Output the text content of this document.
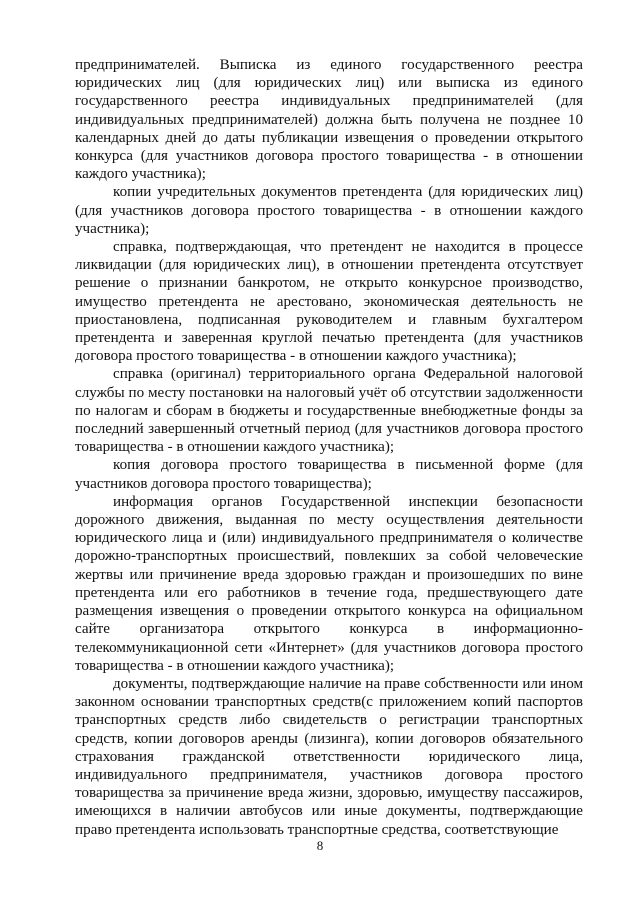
предпринимателей. Выписка из единого государственного реестра юридических лиц (для юридических лиц) или выписка из единого государственного реестра индивидуальных предпринимателей (для индивидуальных предпринимателей) должна быть получена не позднее 10 календарных дней до даты публикации извещения о проведении открытого конкурса (для участников договора простого товарищества - в отношении каждого участника);

копии учредительных документов претендента (для юридических лиц) (для участников договора простого товарищества - в отношении каждого участника);

справка, подтверждающая, что претендент не находится в процессе ликвидации (для юридических лиц), в отношении претендента отсутствует решение о признании банкротом, не открыто конкурсное производство, имущество претендента не арестовано, экономическая деятельность не приостановлена, подписанная руководителем и главным бухгалтером претендента и заверенная круглой печатью претендента (для участников договора простого товарищества - в отношении каждого участника);

справка (оригинал) территориального органа Федеральной налоговой службы по месту постановки на налоговый учёт об отсутствии задолженности по налогам и сборам в бюджеты и государственные внебюджетные фонды за последний завершенный отчетный период (для участников договора простого товарищества - в отношении каждого участника);

копия договора простого товарищества в письменной форме (для участников договора простого товарищества);

информация органов Государственной инспекции безопасности дорожного движения, выданная по месту осуществления деятельности юридического лица и (или) индивидуального предпринимателя о количестве дорожно-транспортных происшествий, повлекших за собой человеческие жертвы или причинение вреда здоровью граждан и произошедших по вине претендента или его работников в течение года, предшествующего дате размещения извещения о проведении открытого конкурса на официальном сайте организатора открытого конкурса в информационно-телекоммуникационной сети «Интернет» (для участников договора простого товарищества - в отношении каждого участника);

документы, подтверждающие наличие на праве собственности или ином законном основании транспортных средств(с приложением копий паспортов транспортных средств либо свидетельств о регистрации транспортных средств, копии договоров аренды (лизинга), копии договоров обязательного страхования гражданской ответственности юридического лица, индивидуального предпринимателя, участников договора простого товарищества за причинение вреда жизни, здоровью, имуществу пассажиров, имеющихся в наличии автобусов или иные документы, подтверждающие право претендента использовать транспортные средства, соответствующие

8
